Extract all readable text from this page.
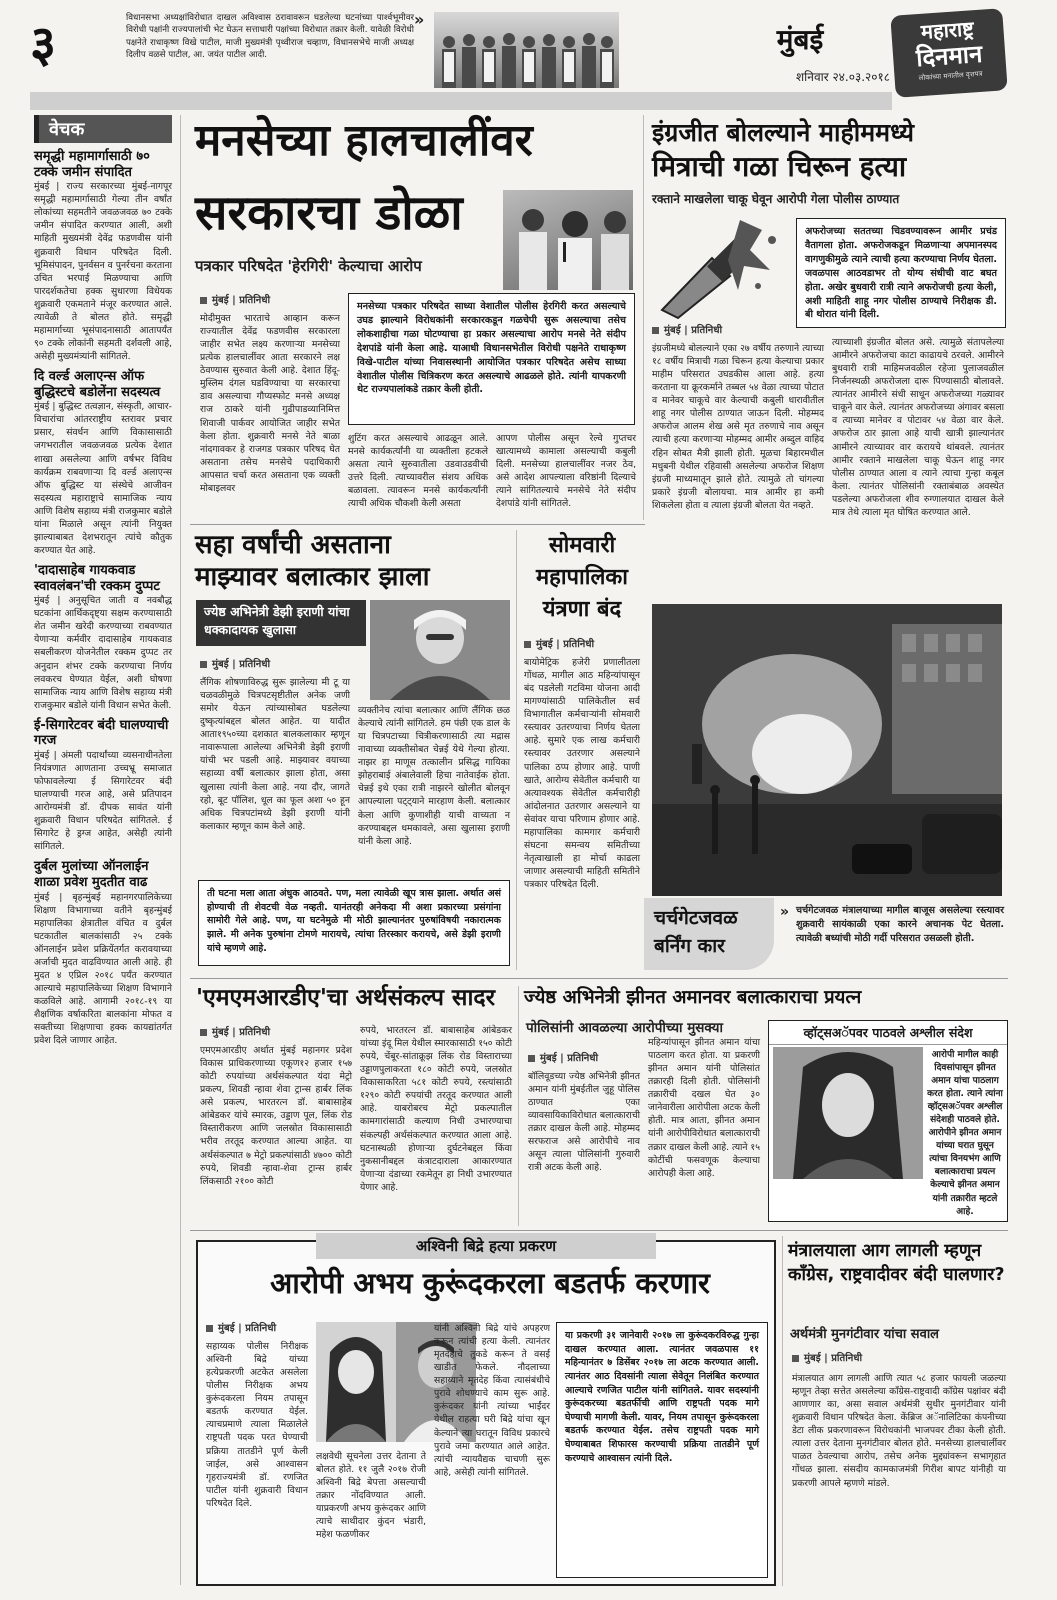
३	विधानसभा अध्यक्षांविरोधात दाखल अविश्वास ठरावावरून घडलेल्या घटनांच्या पार्श्वभूमीवर विरोधी पक्षांनी राज्यपालांची भेट घेऊन सत्ताधारी पक्षांच्या विरोधात तक्रार केली. यावेळी विरोधी पक्षनेते राधाकृष्ण विखे पाटील, माजी मुख्यमंत्री पृथ्वीराज चव्हाण, विधानसभेचे माजी अध्यक्ष दिलीप वळसे पाटील, आ. जयंत पाटील आदी.
»
मुंबई
शनिवार २४.०३.२०१८
महाराष्ट्र
दिनमान
लोकांच्या मनातील वृत्तपत्र
वेचक
समृद्धी महामार्गासाठी ७० टक्के जमीन संपादित
मुंबई | राज्य सरकारच्या मुंबई-नागपूर समृद्धी महामार्गासाठी गेल्या तीन वर्षांत लोकांच्या सहमतीने जवळजवळ ७० टक्के जमीन संपादित करण्यात आली, अशी माहिती मुख्यमंत्री देवेंद्र फडणवीस यांनी शुक्रवारी विधान परिषदेत दिली. भूमिसंपादन, पुनर्वसन व पुनर्रचना करताना उचित भरपाई मिळण्याचा आणि पारदर्शकतेचा हक्क सुधारणा विधेयक शुक्रवारी एकमताने मंजूर करण्यात आले. त्यावेळी ते बोलत होते. समृद्धी महामार्गाच्या भूसंपादनासाठी आतापर्यंत ९० टक्के लोकांनी सहमती दर्शवली आहे, असेही मुख्यमंत्र्यांनी सांगितले.
दि वर्ल्ड अलाएन्स ऑफ बुद्धिस्टचे बडोलेंना सदस्यत्व
मुंबई | बुद्धिस्ट तत्वज्ञान, संस्कृती, आचार-विचारांचा आंतरराष्ट्रीय स्तरावर प्रचार प्रसार, संवर्धन आणि विकासासाठी जगभरातील जवळजवळ प्रत्येक देशात शाखा असलेल्या आणि वर्षभर विविध कार्यक्रम राबवणाऱ्या दि वर्ल्ड अलाएन्स ऑफ बुद्धिस्ट या संस्थेचे आजीवन सदस्यत्व महाराष्ट्राचे सामाजिक न्याय आणि विशेष सहाय्य मंत्री राजकुमार बडोले यांना मिळाले असून त्यांनी नियुक्त झाल्याबाबत देशभरातून त्यांचे कौतुक करण्यात येत आहे.
'दादासाहेब गायकवाड स्वावलंबन'ची रक्कम दुप्पट
मुंबई | अनुसूचित जाती व नवबौद्ध घटकांना आर्थिकदृष्ट्या सक्षम करण्यासाठी शेत जमीन खरेदी करण्याच्या राबवण्यात येणाऱ्या कर्मवीर दादासाहेब गायकवाड सबलीकरण योजनेतील रक्कम दुप्पट तर अनुदान शंभर टक्के करण्याचा निर्णय लवकरच घेण्यात येईल, अशी घोषणा सामाजिक न्याय आणि विशेष सहाय्य मंत्री राजकुमार बडोले यांनी विधान सभेत केली.
ई-सिगारेटवर बंदी घालण्याची गरज
मुंबई | अंमली पदार्थांच्या व्यसनाधीनतेला नियंत्रणात आणताना उच्चभ्रू समाजात फोफावलेल्या ई सिगारेटवर बंदी घालण्याची गरज आहे, असे प्रतिपादन आरोग्यमंत्री डॉ. दीपक सावंत यांनी शुक्रवारी विधान परिषदेत सांगितले. ई सिगारेट हे ड्रग्ज आहेत, असेही त्यांनी सांगितले.
दुर्बल मुलांच्या ऑनलाईन शाळा प्रवेश मुदतीत वाढ
मुंबई | बृहन्मुंबई महानगरपालिकेच्या शिक्षण विभागाच्या वतीने बृहन्मुंबई महापालिका क्षेत्रातील वंचित व दुर्बल घटकातील बालकांसाठी २५ टक्के ऑनलाईन प्रवेश प्रक्रियेंतर्गत करावयाच्या अर्जाची मुदत वाढविण्यात आली आहे. ही मुदत ४ एप्रिल २०१८ पर्यंत करण्यात आल्याचे महापालिकेच्या शिक्षण विभागाने कळविले आहे. आगामी २०१८-१९ या शैक्षणिक वर्षाकरिता बालकांना मोफत व सक्तीच्या शिक्षणाचा हक्क कायद्यांतर्गत प्रवेश दिले जाणार आहेत.
मनसेच्या हालचालींवर
सरकारचा डोळा
पत्रकार परिषदेत 'हेरगिरी' केल्याचा आरोप
मुंबई | प्रतिनिधी
मोदीमुक्त भारताचे आव्हान करून राज्यातील देवेंद्र फडणवीस सरकारला जाहीर सभेत लक्ष्य करणाऱ्या मनसेच्या प्रत्येक हालचालींवर आता सरकारने लक्ष ठेवण्यास सुरुवात केली आहे. देशात हिंदू-मुस्लिम दंगल घडविण्याचा या सरकारचा डाव असल्याचा गौप्यस्फोट मनसे अध्यक्ष राज ठाकरे यांनी गुढीपाडव्यानिमित्त शिवाजी पार्कवर आयोजित जाहीर सभेत केला होता. शुक्रवारी मनसे नेते बाळा नांदगावकर हे राजगड पत्रकार परिषद घेत असताना तसेच मनसेचे पदाधिकारी आपसात चर्चा करत असताना एक व्यक्ती मोबाइलवर
मनसेच्या पत्रकार परिषदेत साध्या वेशातील पोलीस हेरगिरी करत असल्याचे उघड झाल्याने विरोधकांनी सरकारकडून गळचेपी सुरू असल्याचा तसेच लोकशाहीचा गळा घोटण्याचा हा प्रकार असल्याचा आरोप मनसे नेते संदीप देशपांडे यांनी केला आहे. याआधी विधानसभेतील विरोधी पक्षनेते राधाकृष्ण विखे-पाटील यांच्या निवासस्थानी आयोजित पत्रकार परिषदेत असेच साध्या वेशातील पोलीस चित्रिकरण करत असल्याचे आढळले होते. त्यांनी यापकरणी थेट राज्यपालांकडे तक्रार केली होती.
शुटिंग करत असल्याचे आढळून आले. मनसे कार्यकर्त्यांनी या व्यक्तीला हटकले असता त्याने सुरुवातीला उडवाउडवीची उत्तरे दिली. त्याच्यावरील संशय अधिक बळावला. त्यावरून मनसे कार्यकर्त्यांनी त्याची अधिक चौकशी केली असता
आपण पोलीस असून रेल्वे गुप्तचर खात्यामध्ये कामाला असल्याची कबुली दिली. मनसेच्या हालचालींवर नजर ठेव, असे आदेश आपल्याला वरिष्ठांनी दिल्याचे त्याने सांगितल्याचे मनसेचे नेते संदीप देशपांडे यांनी सांगितले.
इंग्रजीत बोलल्याने माहीममध्ये
मित्राची गळा चिरून हत्या
रक्ताने माखलेला चाकू घेवून आरोपी गेला पोलीस ठाण्यात
अफरोजच्या सततच्या चिडवण्यावरून आमीर प्रचंड वैतागला होता. अफरोजकडून मिळणाऱ्या अपमानस्पद वागणुकीमुळे त्याने त्याची हत्या करण्याचा निर्णय घेतला. जवळपास आठवडाभर तो योग्य संधीची वाट बघत होता. अखेर बुधवारी रात्री त्याने अफरोजची हत्या केली, अशी माहिती शाहू नगर पोलीस ठाण्याचे निरीक्षक डी. बी थोरात यांनी दिली.
मुंबई | प्रतिनिधी
इंग्रजीमध्ये बोलल्याने एका २७ वर्षीय तरुणाने त्याच्या १८ वर्षीय मित्राची गळा चिरून हत्या केल्याचा प्रकार माहीम परिसरात उघडकीस आला आहे. हत्या करताना या क्रूरकर्माने तब्बल ५४ वेळा त्याच्या पोटात व मानेवर चाकूचे वार केल्याची कबुली धारावीतील शाहू नगर पोलीस ठाण्यात जाऊन दिली. मोहम्मद अफरोज आलम शेख असे मृत तरुणाचे नाव असून त्याची हत्या करणाऱ्या मोहम्मद आमीर अब्दुल वाहिद रहिन सोबत मैत्री झाली होती. मूळचा बिहारमधील मधुबनी येथील रहिवासी असलेल्या अफरोज शिक्षण इंग्रजी माध्यमातून झाले होते. त्यामुळे तो चांगल्या प्रकारे इंग्रजी बोलायचा. मात्र आमीर हा कमी शिकलेला होता व त्याला इंग्रजी बोलता येत नव्हते.
त्याच्याशी इंग्रजीत बोलत असे. त्यामुळे संतापलेल्या आमीरने अफरोजचा काटा काढायचे ठरवले. आमीरने बुधवारी रात्री माहिमजवळील रहेजा पुलाजवळील निर्जनस्थळी अफरोजला दारू पिण्यासाठी बोलावले. त्यानंतर आमीरने संधी साधून अफरोजच्या गळ्यावर चाकूने वार केले. त्यानंतर अफरोजच्या अंगावर बसला व त्याच्या मानेवर व पोटावर ५४ वेळा वार केले. अफरोज ठार झाला आहे याची खात्री झाल्यानंतर आमीरने त्याच्यावर वार करायचे थांबवले. त्यानंतर आमीर रक्ताने माखलेला चाकू घेऊन शाहू नगर पोलीस ठाण्यात आला व त्याने त्याचा गुन्हा कबूल केला. त्यानंतर पोलिसांनी रक्ताबंबाळ अवस्थेत पडलेल्या अफरोजला शीव रुग्णालयात दाखल केले मात्र तेथे त्याला मृत घोषित करण्यात आले.
सहा वर्षांची असताना
माझ्यावर बलात्कार झाला
ज्येष्ठ अभिनेत्री डेझी इराणी यांचा धक्कादायक खुलासा
मुंबई | प्रतिनिधी
लैंगिक शोषणाविरुद्ध सुरू झालेल्या मी टू या चळवळीमुळे चित्रपटसृष्टीतील अनेक जणी समोर येऊन त्यांच्यासोबत घडलेल्या दुष्कृत्यांबद्दल बोलत आहेत. या यादीत आता१९५०च्या दशकात बालकलाकार म्हणून नावारूपाला आलेल्या अभिनेत्री डेझी इराणी यांची भर पडली आहे. माझ्यावर वयाच्या सहाव्या वर्षी बलात्कार झाला होता, असा खुलासा त्यांनी केला आहे. नया दौर, जागते रहो, बूट पॉलिश, धूल का फूल अशा ५० हून अधिक चित्रपटांमध्ये डेझी इराणी यांनी कलाकार म्हणून काम केले आहे.
व्यक्तीनेच त्यांचा बलात्कार आणि लैंगिक छळ केल्याचे त्यांनी सांगितले. हम पंछी एक डाल के या चित्रपटाच्या चित्रीकरणासाठी त्या मद्रास नावाच्या व्यक्तीसोबत चेन्नई येथे गेल्या होत्या. नाझर हा माणूस तत्कालीन प्रसिद्ध गायिका झोहराबाई अंबालेवाली हिचा नातेवाईक होता. चेन्नई इथे एका रात्री नाझरने खोलीत बोलवून आपल्याला पट्ट्याने मारहाण केली. बलात्कार केला आणि कुणाशीही याची वाच्यता न करण्याबद्दल धमकावले, असा खुलासा इराणी यांनी केला आहे.
ती घटना मला आता अंधुक आठवते. पण, मला त्यावेळी खूप त्रास झाला. अर्थात असं होण्याची ती शेवटची वेळ नव्हती. यानंतरही अनेकदा मी अशा प्रकारच्या प्रसंगांना सामोरी गेले आहे. पण, या घटनेमुळे मी मोठी झाल्यानंतर पुरुषांविषयी नकारात्मक झाले. मी अनेक पुरुषांना टोमणे मारायचे, त्यांचा तिरस्कार करायचे, असे डेझी इराणी यांचे म्हणणे आहे.
सोमवारी
महापालिका
यंत्रणा बंद
मुंबई | प्रतिनिधी
बायोमेट्रिक हजेरी प्रणालीतला गोंधळ, मागील आठ महिन्यांपासून बंद पडलेली गटविमा योजना आदी मागण्यांसाठी पालिकेतील सर्व विभागातील कर्मचाऱ्यांनी सोमवारी रस्त्यावर उतरण्याचा निर्णय घेतला आहे. सुमारे एक लाख कर्मचारी रस्त्यावर उतरणार असल्याने पालिका ठप्प होणार आहे. पाणी खाते, आरोग्य सेवेतील कर्मचारी या अत्यावश्यक सेवेतील कर्मचारीही आंदोलनात उतरणार असल्याने या सेवांवर याचा परिणाम होणार आहे. महापालिका कामगार कर्मचारी संघटना समन्वय समितीच्या नेतृत्वाखाली हा मोर्चा काढला जाणार असल्याची माहिती समितीने पत्रकार परिषदेत दिली.
चर्चगेटजवळ
बर्निंग कार
» चर्चगेटजवळ मंत्रालयाच्या मागील बाजूस असलेल्या रस्त्यावर शुक्रवारी सायंकाळी एका कारने अचानक पेट घेतला. त्यावेळी बध्यांची मोठी गर्दी परिसरात उसळली होती.
'एमएमआरडीए'चा अर्थसंकल्प सादर
मुंबई | प्रतिनिधी
एमएमआरडीए अर्थात मुंबई महानगर प्रदेश विकास प्राधिकरणाच्या एकूण१२ हजार १५७ कोटी रुपयांच्या अर्थसंकल्पात यंदा मेट्रो प्रकल्प, शिवडी न्हावा शेवा ट्रान्स हार्बर लिंक असे प्रकल्प, भारतरत्न डॉ. बाबासाहेब आंबेडकर यांचे स्मारक, उड्डाण पूल, लिंक रोड विस्तारीकरण आणि जलस्रोत विकासासाठी भरीव तरतूद करण्यात आल्या आहेत. या अर्थसंकल्पात ७ मेट्रो प्रकल्पांसाठी ४७०० कोटी रुपये, शिवडी न्हावा-शेवा ट्रान्स हार्बर लिंकसाठी २१०० कोटी
रुपये, भारतरत्न डॉ. बाबासाहेब आंबेडकर यांच्या इंदू मिल येथील स्मारकासाठी १५० कोटी रुपये, चेंबूर-सांताक्रूझ लिंक रोड विस्ताराच्या उड्डाणपुलाकरता १८० कोटी रुपये, जलस्रोत विकासाकरिता ५८१ कोटी रुपये, रस्त्यांसाठी १२९० कोटी रुपयांची तरतूद करण्यात आली आहे. याबरोबरच मेट्रो प्रकल्पातील कामगारांसाठी कल्याण निधी उभारण्याचा संकल्पही अर्थसंकल्पात करण्यात आला आहे. घटनास्थळी होणाऱ्या दुर्घटनेबद्दल किंवा नुकसानीबद्दल कंत्राटदाराला आकारण्यात येणाऱ्या दंडाच्या रकमेतून हा निधी उभारण्यात येणार आहे.
ज्येष्ठ अभिनेत्री झीनत अमानवर बलात्काराचा प्रयत्न
पोलिसांनी आवळल्या आरोपीच्या मुसक्या
मुंबई | प्रतिनिधी
बॉलिवूडच्या ज्येष्ठ अभिनेत्री झीनत अमान यांनी मुंबईतील जुहू पोलिस ठाण्यात एका व्यावसायिकाविरोधात बलात्काराची तक्रार दाखल केली आहे. मोहम्मद सरफराज असे आरोपीचे नाव असून त्याला पोलिसांनी गुरुवारी रात्री अटक केली आहे.
महिन्यांपासून झीनत अमान यांचा पाठलाग करत होता. या प्रकरणी झीनत अमान यांनी पोलिसांत तक्रारही दिली होती. पोलिसांनी तक्रारीची दखल घेत ३० जानेवारीला आरोपीला अटक केली होती. मात्र आता, झीनत अमान यांनी आरोपीविरोधात बलात्काराची तक्रार दाखल केली आहे. त्याने १५ कोटींची फसवणूक केल्याचा आरोपही केला आहे.
व्हॉट्सअॅपवर पाठवले अश्लील संदेश
आरोपी मागील काही दिवसांपासून झीनत अमान यांचा पाठलाग करत होता. त्याने त्यांना व्हॉट्सअॅपवर अश्लील संदेशही पाठवले होते. आरोपीने झीनत अमान यांच्या घरात घुसून त्यांचा विनयभंग आणि बलात्काराचा प्रयत्न केल्याचे झीनत अमान यांनी तक्रारीत म्हटले आहे.
अश्विनी बिद्रे हत्या प्रकरण
आरोपी अभय कुरूंदकरला बडतर्फ करणार
मुंबई | प्रतिनिधी
सहाय्यक पोलीस निरीक्षक अश्विनी बिद्रे यांच्या हत्येप्रकरणी अटकेत असलेला पोलीस निरीक्षक अभय कुरूंदकरला नियम तपासून बडतर्फ करण्यात येईल. त्याचप्रमाणे त्याला मिळालेले राष्ट्रपती पदक परत घेण्याची प्रक्रिया तातडीने पूर्ण केली जाईल, असे आश्वासन गृहराज्यमंत्री डॉ. रणजित पाटील यांनी शुक्रवारी विधान परिषदेत दिले.
लक्षवेधी सूचनेला उत्तर देताना ते बोलत होते. ११ जुलै २०१७ रोजी अश्विनी बिद्रे बेपत्ता असल्याची तक्रार नोंदविण्यात आली. याप्रकरणी अभय कुरूंदकर आणि त्याचे साथीदार कुंदन भंडारी, महेश फळणीकर
यांनी अश्विनी बिद्रे यांचे अपहरण करून त्यांची हत्या केली. त्यानंतर मृतदेहाचे तुकडे करून ते वसई खाडीत फेकले. नौदलाच्या सहाय्याने मृतदेह किंवा त्यासंबंधीचे पुरावे शोधण्याचे काम सुरू आहे. कुरूंदकर यांनी त्यांच्या भाईंदर येथील राहत्या घरी बिद्रे यांचा खून केल्याने त्या घरातून विविध प्रकारचे पुरावे जमा करण्यात आले आहेत. त्यांची न्यायवैद्यक चाचणी सुरू आहे, असेही त्यांनी सांगितले.
या प्रकरणी ३१ जानेवारी २०१७ ला कुरूंदकरविरुद्ध गुन्हा दाखल करण्यात आला. त्यानंतर जवळपास ११ महिन्यानंतर ७ डिसेंबर २०१७ ला अटक करण्यात आली. त्यानंतर आठ दिवसांनी त्याला सेवेतून निलंबित करण्यात आल्याचे रणजित पाटील यांनी सांगितले. यावर सदस्यांनी कुरूंदकरच्या बडतर्फीची आणि राष्ट्रपती पदक मागे घेण्याची मागणी केली. यावर, नियम तपासून कुरूंदकरला बडतर्फ करण्यात येईल. तसेच राष्ट्रपती पदक मागे घेण्याबाबत शिफारस करण्याची प्रक्रिया तातडीने पूर्ण करण्याचे आश्वासन त्यांनी दिले.
मंत्रालयाला आग लागली म्हणून काँग्रेस, राष्ट्रवादीवर बंदी घालणार?
अर्थमंत्री मुनगंटीवार यांचा सवाल
मुंबई | प्रतिनिधी
मंत्रालयात आग लागली आणि त्यात ५८ हजार फायली जळल्या म्हणून तेव्हा सत्तेत असलेल्या काँग्रेस-राष्ट्रवादी काँग्रेस पक्षांवर बंदी आणणार का, असा सवाल अर्थमंत्री सुधीर मुनगंटीवार यांनी शुक्रवारी विधान परिषदेत केला. केंब्रिज अॅनालिटिका कंपनीच्या डेटा लीक प्रकरणावरून विरोधकांनी भाजपवर टीका केली होती. त्याला उत्तर देताना मुनगंटीवार बोलत होते. मनसेच्या हालचालींवर पाळत ठेवल्याचा आरोप, तसेच अनेक मुद्द्यांवरून सभागृहात गोंधळ झाला. संसदीय कामकाजमंत्री गिरीश बापट यांनीही या प्रकरणी आपले म्हणणे मांडले.
